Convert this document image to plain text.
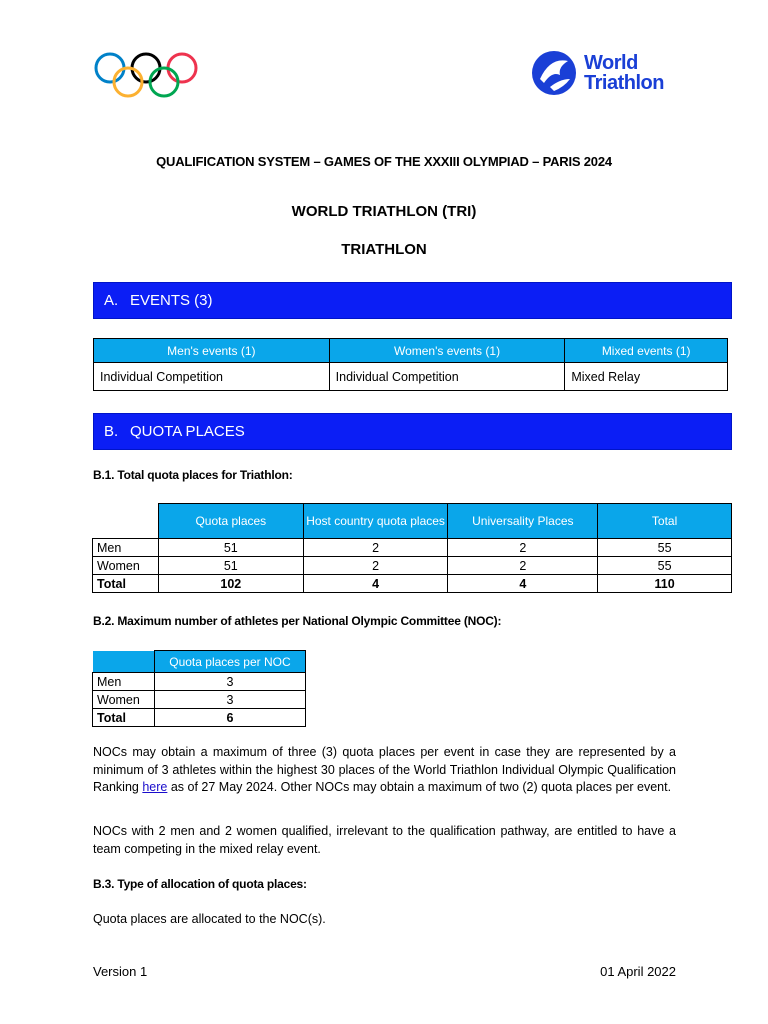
World
Triathlon
QUALIFICATION SYSTEM – GAMES OF THE XXXIII OLYMPIAD – PARIS 2024
WORLD TRIATHLON (TRI)
TRIATHLON
A. EVENTS (3)
Men's events (1)	Women's events (1)	Mixed events (1)
Individual Competition	Individual Competition	Mixed Relay
B. QUOTA PLACES
B.1. Total quota places for Triathlon:
	Quota places	Host country quota places	Universality Places	Total
Men	51	2	2	55
Women	51	2	2	55
Total	102	4	4	110
B.2. Maximum number of athletes per National Olympic Committee (NOC):
	Quota places per NOC
Men	3
Women	3
Total	6
NOCs may obtain a maximum of three (3) quota places per event in case they are represented by a minimum of 3 athletes within the highest 30 places of the World Triathlon Individual Olympic Qualification Ranking here as of 27 May 2024. Other NOCs may obtain a maximum of two (2) quota places per event.
NOCs with 2 men and 2 women qualified, irrelevant to the qualification pathway, are entitled to have a team competing in the mixed relay event.
B.3. Type of allocation of quota places:
Quota places are allocated to the NOC(s).
Version 1	01 April 2022
